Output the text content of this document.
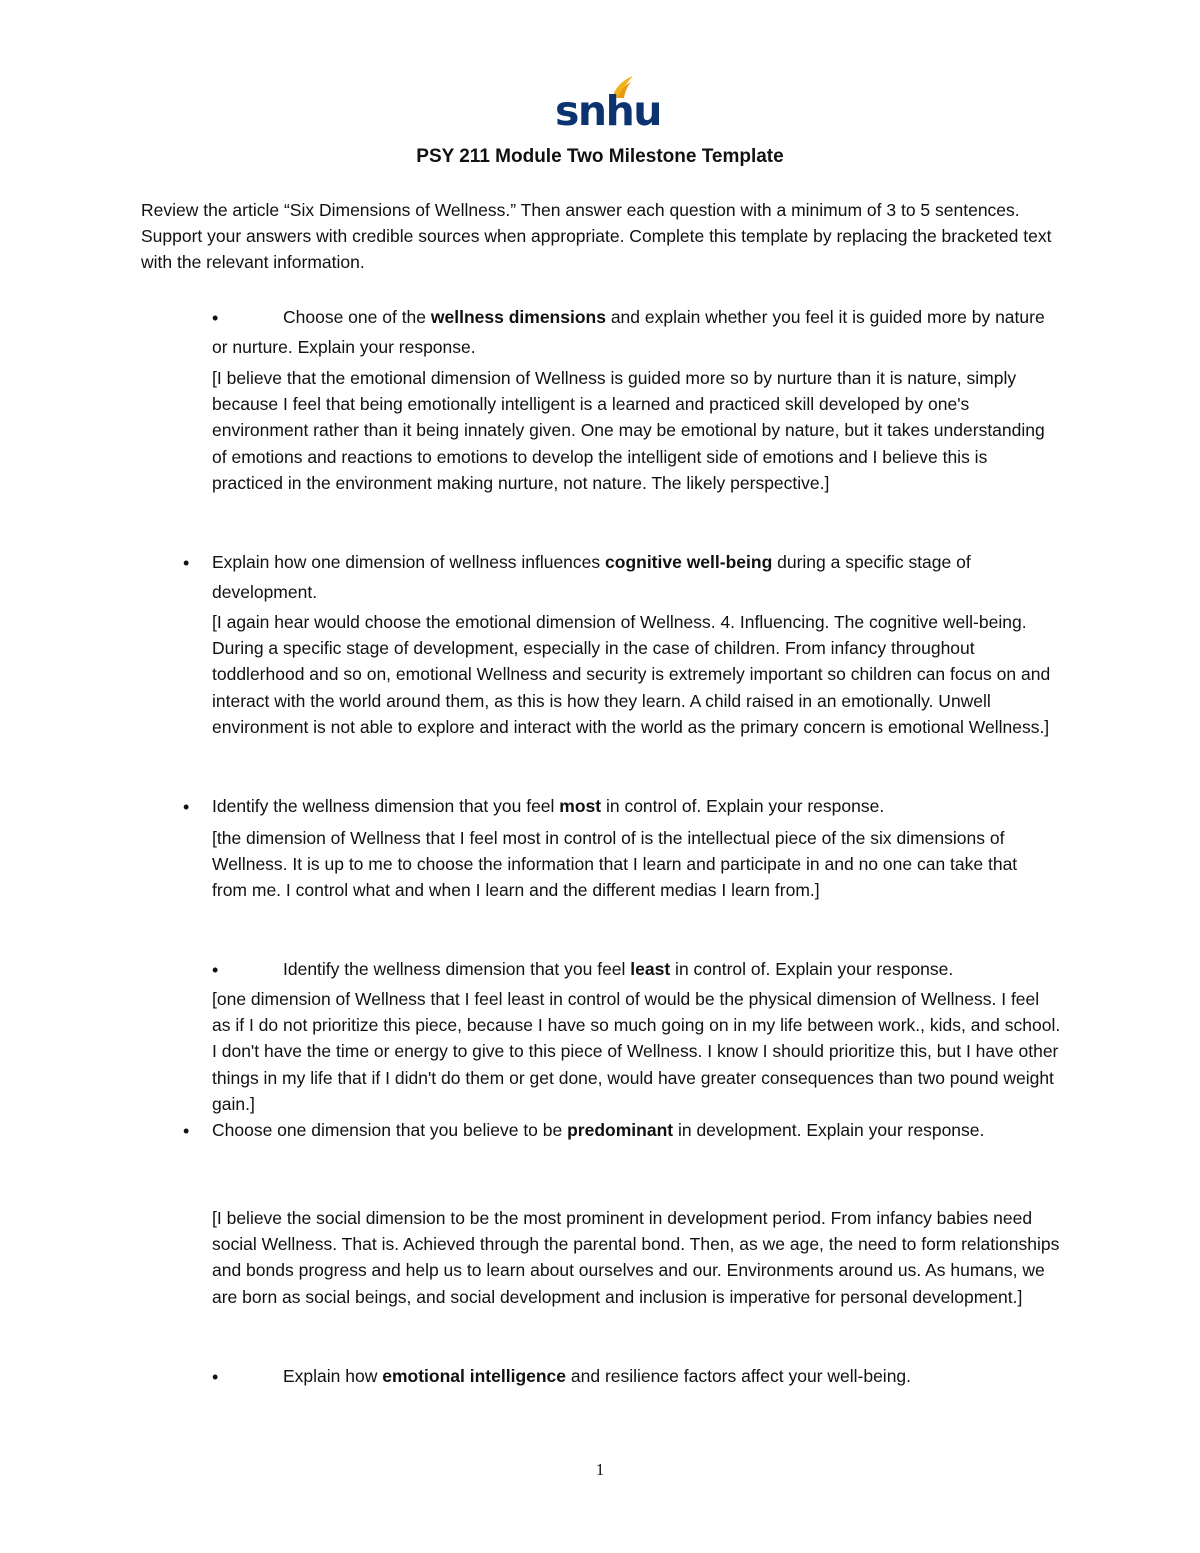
snhu
PSY 211 Module Two Milestone Template
Review the article “Six Dimensions of Wellness.” Then answer each question with a minimum of 3 to 5 sentences. Support your answers with credible sources when appropriate. Complete this template by replacing the bracketed text with the relevant information.
•	Choose one of the wellness dimensions and explain whether you feel it is guided more by nature or nurture. Explain your response.
[I believe that the emotional dimension of Wellness is guided more so by nurture than it is nature, simply because I feel that being emotionally intelligent is a learned and practiced skill developed by one's environment rather than it being innately given. One may be emotional by nature, but it takes understanding of emotions and reactions to emotions to develop the intelligent side of emotions and I believe this is practiced in the environment making nurture, not nature. The likely perspective.]
• Explain how one dimension of wellness influences cognitive well-being during a specific stage of development.
[I again hear would choose the emotional dimension of Wellness. 4. Influencing. The cognitive well-being. During a specific stage of development, especially in the case of children. From infancy throughout toddlerhood and so on, emotional Wellness and security is extremely important so children can focus on and interact with the world around them, as this is how they learn. A child raised in an emotionally. Unwell environment is not able to explore and interact with the world as the primary concern is emotional Wellness.]
• Identify the wellness dimension that you feel most in control of. Explain your response.
[the dimension of Wellness that I feel most in control of is the intellectual piece of the six dimensions of Wellness. It is up to me to choose the information that I learn and participate in and no one can take that from me. I control what and when I learn and the different medias I learn from.]
•	Identify the wellness dimension that you feel least in control of. Explain your response.
[one dimension of Wellness that I feel least in control of would be the physical dimension of Wellness. I feel as if I do not prioritize this piece, because I have so much going on in my life between work., kids, and school. I don't have the time or energy to give to this piece of Wellness. I know I should prioritize this, but I have other things in my life that if I didn't do them or get done, would have greater consequences than two pound weight gain.]
• Choose one dimension that you believe to be predominant in development. Explain your response.
[I believe the social dimension to be the most prominent in development period. From infancy babies need social Wellness. That is. Achieved through the parental bond. Then, as we age, the need to form relationships and bonds progress and help us to learn about ourselves and our. Environments around us. As humans, we are born as social beings, and social development and inclusion is imperative for personal development.]
•	Explain how emotional intelligence and resilience factors affect your well-being.
1
